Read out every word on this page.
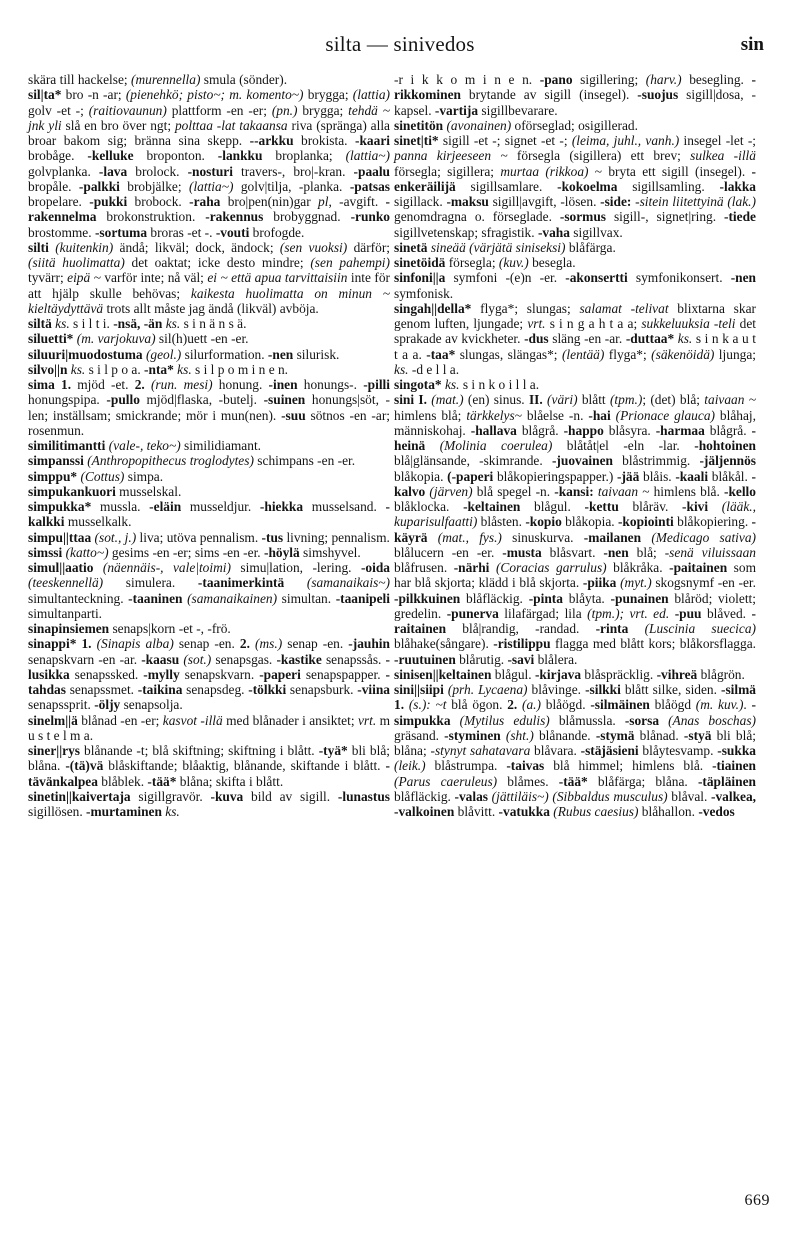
silta — sinivedos	sin

skära till hackelse; (murennella) smula (sönder).

sil|ta* bro -n -ar; (pienehkö; pisto~; m. komento~) brygga; (lattia) golv -et -; (raitiovaunun) plattform -en -er; (pn.) brygga; tehdä ~ jnk yli slå en bro över ngt; polttaa -lat takaansa riva (spränga) alla broar bakom sig; bränna sina skepp. --arkku brokista. -kaari brobåge. -kelluke broponton. -lankku broplanka; (lattia~) golvplanka. -lava brolock. -nosturi travers-, bro|-kran. -paalu bropåle. -palkki brobjälke; (lattia~) golv|tilja, -planka. -patsas bropelare. -pukki brobock. -raha bro|pen(nin)gar pl, -avgift. -rakennelma brokonstruktion. -rakennus brobyggnad. -runko brostomme. -sortuma broras -et -. -vouti brofogde.

silti (kuitenkin) ändå; likväl; dock, ändock; (sen vuoksi) därför; (siitä huolimatta) det oaktat; icke desto mindre; (sen pahempi) tyvärr; eipä ~ varför inte; nå väl; ei ~ että apua tarvittaisiin inte för att hjälp skulle behövas; kaikesta huolimatta on minun ~ kieltäydyttävä trots allt måste jag ändå (likväl) avböja.

siltä ks. s i l t i. -nsä, -än ks. s i n ä n s ä.

siluetti* (m. varjokuva) sil(h)uett -en -er.

siluuri|muodostuma (geol.) silurformation. -nen silurisk.

silvo||n ks. s i l p o a. -nta* ks. s i l p o m i n e n.

sima 1. mjöd -et. 2. (run. mesi) honung. -inen honungs-. -pilli honungspipa. -pullo mjöd|flaska, -butelj. -suinen honungs|söt, -len; inställsam; smickrande; mör i mun(nen). -suu sötnos -en -ar; rosenmun.

similitimantti (vale-, teko~) similidiamant.

simpanssi (Anthropopithecus troglodytes) schimpans -en -er.

simppu* (Cottus) simpa.

simpukankuori musselskal.

simpukka* mussla. -eläin musseldjur. -hiekka musselsand. -kalkki musselkalk.

simpu||ttaa (sot., j.) liva; utöva pennalism. -tus livning; pennalism.

simssi (katto~) gesims -en -er; sims -en -er. -höylä simshyvel.

simul||aatio (näennäis-, vale|toimi) simu|lation, -lering. -oida (teeskennellä) simulera. -taanimerkintä (samanaikais~) simultanteckning. -taaninen (samanaikainen) simultan. -taanipeli simultanparti.

sinapinsiemen senaps|korn -et -, -frö.

sinappi* 1. (Sinapis alba) senap -en. 2. (ms.) senap -en. -jauhin senapskvarn -en -ar. -kaasu (sot.) senapsgas. -kastike senapssås. -lusikka senapssked. -mylly senapskvarn. -paperi senapspapper. -tahdas senapssmet. -taikina senapsdeg. -tölkki senapsburk. -viina senapssprit. -öljy senapsolja.

sinelm||ä blånad -en -er; kasvot -illä med blånader i ansiktet; vrt. m u s t e l m a.

siner||rys blånande -t; blå skiftning; skiftning i blått. -tyä* bli blå; blåna. -(tä)vä blåskiftande; blåaktig, blånande, skiftande i blått. -tävänkalpea blåblek. -tää* blåna; skifta i blått.

sinetin||kaivertaja sigillgravör. -kuva bild av sigill. -lunastus sigillösen. -murtaminen ks.

-r i k k o m i n e n. -pano sigillering; (harv.) besegling. -rikkominen brytande av sigill (insegel). -suojus sigill|dosa, -kapsel. -vartija sigillbevarare.

sinetitön (avonainen) oförseglad; osigillerad.

sinet|ti* sigill -et -; signet -et -; (leima, juhl., vanh.) insegel -let -; panna kirjeeseen ~ försegla (sigillera) ett brev; sulkea -illä försegla; sigillera; murtaa (rikkoa) ~ bryta ett sigill (insegel). -enkeräilijä sigillsamlare. -kokoelma sigillsamling. -lakka sigillack. -maksu sigill|avgift, -lösen. -side: -sitein liitettyinä (lak.) genomdragna o. förseglade. -sormus sigill-, signet|ring. -tiede sigillvetenskap; sfragistik. -vaha sigillvax.

sinetä sineää (värjätä siniseksi) blåfärga.

sinetöidä försegla; (kuv.) besegla.

sinfoni||a symfoni -(e)n -er. -akonsertti symfonikonsert. -nen symfonisk.

singah||della* flyga*; slungas; salamat -telivat blixtarna skar genom luften, ljungade; vrt. s i n g a h t a a; sukkeluuksia -teli det sprakade av kvickheter. -dus släng -en -ar. -duttaa* ks. s i n k a u t t a a. -taa* slungas, slängas*; (lentää) flyga*; (säkenöidä) ljunga; ks. -d e l l a.

singota* ks. s i n k o i l l a.

sini I. (mat.) (en) sinus. II. (väri) blått (tpm.); (det) blå; taivaan ~ himlens blå; tärkkelys~ blåelse -n. -hai (Prionace glauca) blåhaj, människohaj. -hallava blågrå. -happo blåsyra. -harmaa blågrå. -heinä (Molinia coerulea) blåtåt|el -eln -lar. -hohtoinen blå|glänsande, -skimrande. -juovainen blåstrimmig. -jäljennös blåkopia. (-paperi blåkopieringspapper.) -jää blåis. -kaali blåkål. -kalvo (järven) blå spegel -n. -kansi: taivaan ~ himlens blå. -kello blåklocka. -keltainen blågul. -kettu blåräv. -kivi (lääk., kuparisulfaatti) blåsten. -kopio blåkopia. -kopiointi blåkopiering. -käyrä (mat., fys.) sinuskurva. -mailanen (Medicago sativa) blålucern -en -er. -musta blåsvart. -nen blå; -senä viluissaan blåfrusen. -närhi (Coracias garrulus) blåkråka. -paitainen som har blå skjorta; klädd i blå skjorta. -piika (myt.) skogsnymf -en -er. -pilkkuinen blåfläckig. -pinta blåyta. -punainen blåröd; violett; gredelin. -punerva lilafärgad; lila (tpm.); vrt. ed. -puu blåved. -raitainen blå|randig, -randad. -rinta (Luscinia suecica) blåhake(sångare). -ristilippu flagga med blått kors; blåkorsflagga. -ruutuinen blårutig. -savi blålera.

sinisen||keltainen blågul. -kirjava blåspräcklig. -vihreä blågrön.

sini||siipi (prh. Lycaena) blåvinge. -silkki blått silke, siden. -silmä 1. (s.): ~t blå ögon. 2. (a.) blåögd. -silmäinen blåögd (m. kuv.). -simpukka (Mytilus edulis) blåmussla. -sorsa (Anas boschas) gräsand. -styminen (sht.) blånande. -stymä blånad. -styä bli blå; blåna; -stynyt sahatavara blåvara. -stäjäsieni blåytesvamp. -sukka (leik.) blåstrumpa. -taivas blå himmel; himlens blå. -tiainen (Parus caeruleus) blåmes. -tää* blåfärga; blåna. -täpläinen blåfläckig. -valas (jättiläis~) (Sibbaldus musculus) blåval. -valkea, -valkoinen blåvitt. -vatukka (Rubus caesius) blåhallon. -vedos

669
